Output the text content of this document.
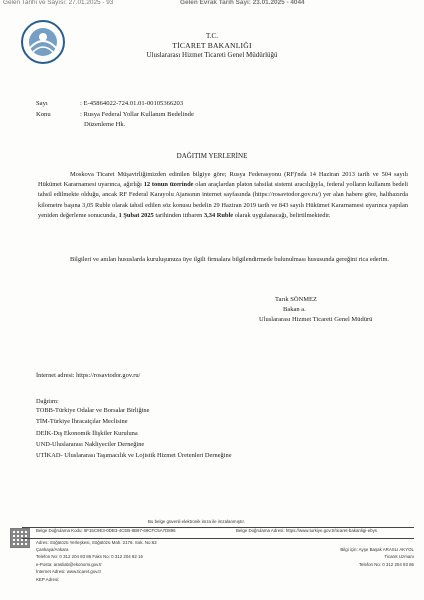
Gelen Tarihi ve Sayısı: 27.01.2025 - 93	Gelen Evrak Tarih Sayı: 23.01.2025 - 4044
T.C.
TİCARET BAKANLIĞI
Uluslararası Hizmet Ticareti Genel Müdürlüğü
Sayı	: E-45864022-724.01.01-00105366203
Konu	: Rusya Federal Yollar Kullanım Bedelinde
Düzenleme Hk.
DAĞITIM YERLERİNE

Moskova Ticaret Müşavirliğimizden edinilen bilgiye göre; Rusya Federasyonu (RF)'nda 14 Haziran 2013 tarih ve 504 sayılı Hükümet Kararnamesi uyarınca, ağırlığı 12 tonun üzerinde olan araçlardan platon tahsilat sistemi aracılığıyla, federal yolların kullanım bedeli tahsil edilmekte olduğu, ancak RF Federal Karayolu Ajansının internet sayfasında (https://rosavtodor.gov.ru/) yer alan habere göre, halihazırda kilometre başına 3,05 Ruble olarak tahsil edilen söz konusu bedelin 29 Haziran 2019 tarih ve 843 sayılı Hükümet Kararnamesi uyarınca yapılan yeniden değerleme sonucunda, 1 Şubat 2025 tarihinden itibaren 3,34 Ruble olarak uygulanacağı, belirtilmektedir.

Bilgileri ve anılan hususlarda kuruluşunuza üye ilgili firmalara bilgilendirmede bulunulması hususunda gereğini rica ederim.

Tarık SÖNMEZ
Bakan a.
Uluslararası Hizmet Ticareti Genel Müdürü
İnternet adresi: https://rosavtodor.gov.ru/
Dağıtım:
TOBB-Türkiye Odalar ve Borsalar Birliğine
TİM-Türkiye İhracatçılar Meclisine
DEİK-Dış Ekonomik İlişkiler Kuruluna
UND-Uluslararası Nakliyeciler Derneğine
UTİKAD- Uluslararası Taşımacılık ve Lojistik Hizmet Üretenleri Derneğine
Bu belge güvenli elektronik imza ile imzalanmıştır.
Belge Doğrulama Kodu: 5F15C9E3-0DB3-4CEB-8B97-69CFC5A7D896	Belge Doğrulama Adresi: https://www.turkiye.gov.tr/ticaret-bakanligi-ebys
Adres: Söğütözü Yerleşkesi, Söğütözü Mah. 2176. Sok. No:63
Çankaya/Ankara
Telefon No: 0 312 204 93 86 Faks No: 0 312 204 92 16
e-Posta: arasliab@ekonomi.gov.tr
İnternet Adresi: www.ticaret.gov.tr
KEP Adresi:
Bilgi için: Ayşe Başak ARASLI AKYOL
Ticaret Uzmanı
Telefon No: 0 312 204 93 86
